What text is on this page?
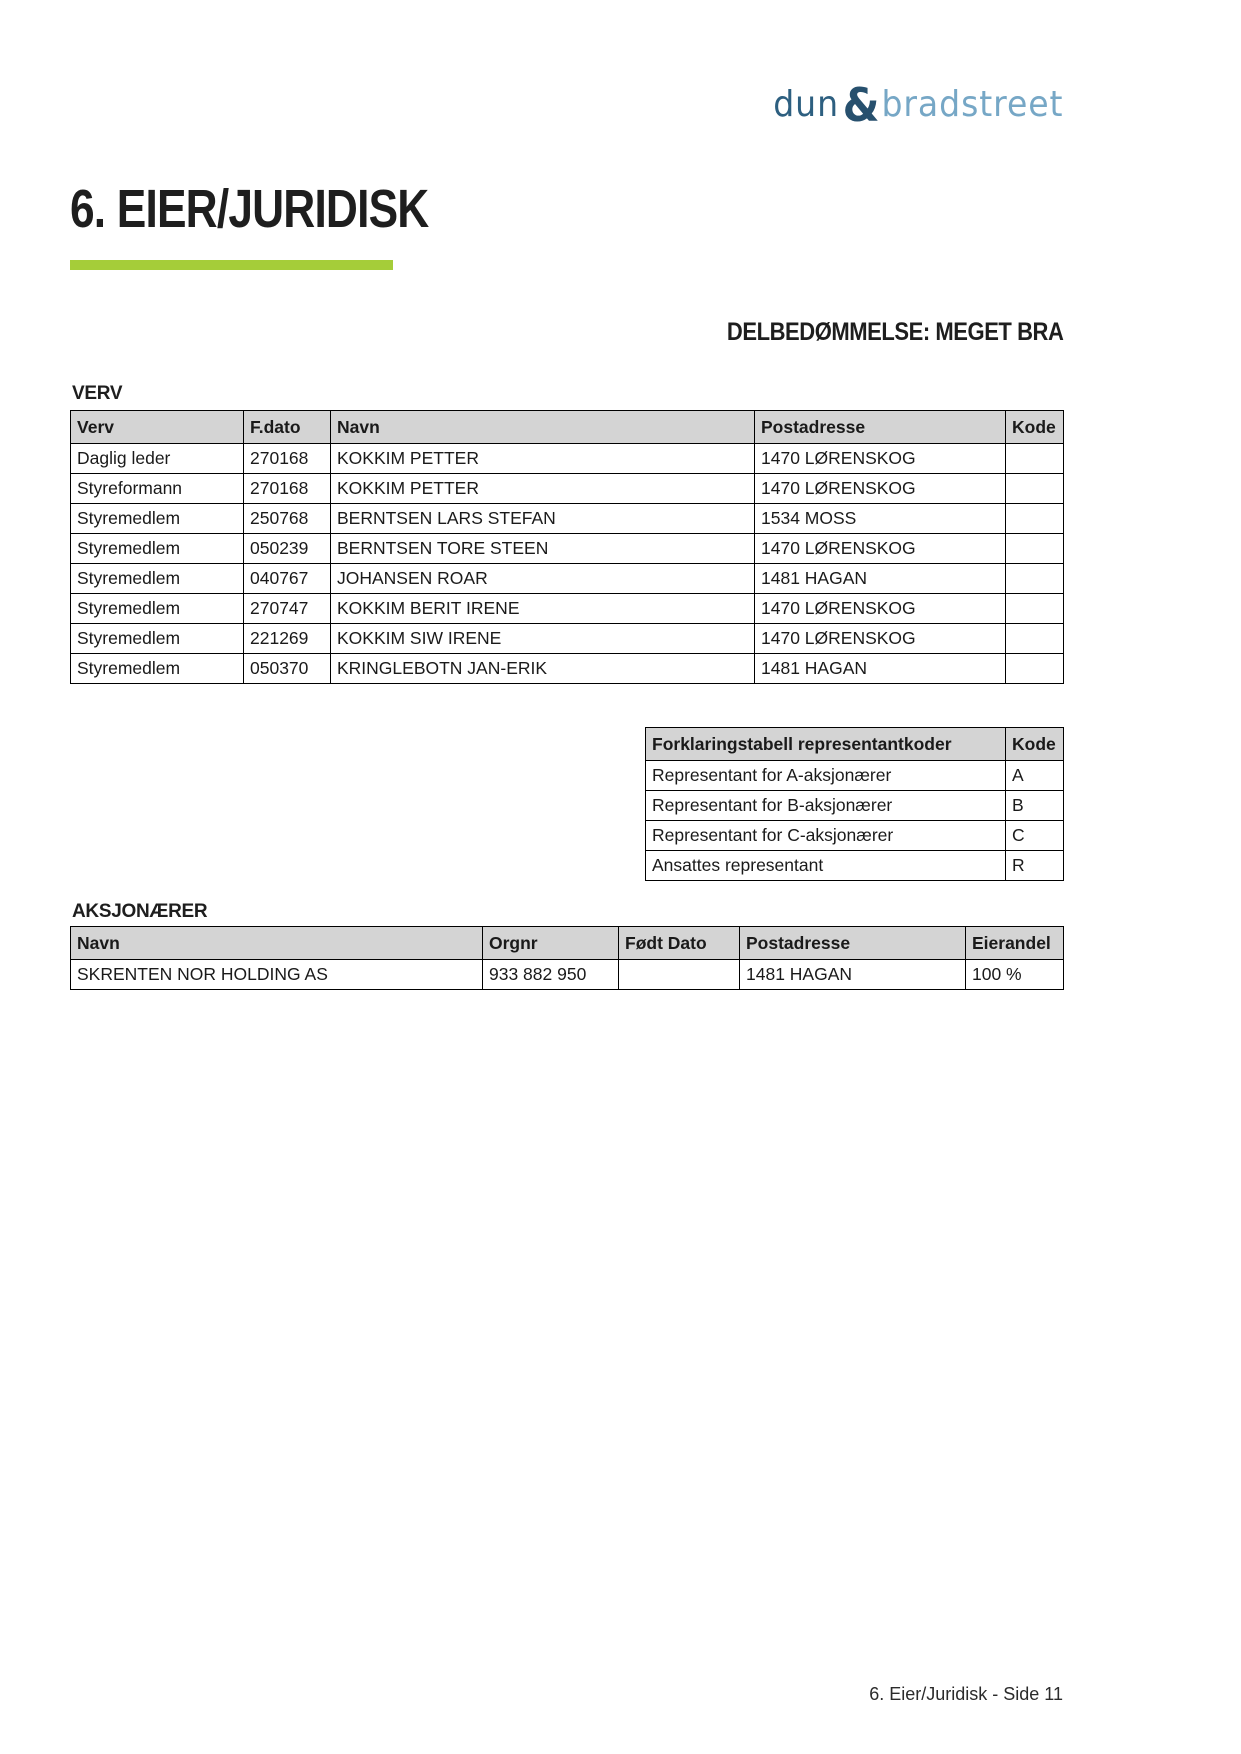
dun&bradstreet
6. EIER/JURIDISK
DELBEDØMMELSE: MEGET BRA
VERV
Verv	F.dato	Navn	Postadresse	Kode
Daglig leder	270168	KOKKIM PETTER	1470 LØRENSKOG	
Styreformann	270168	KOKKIM PETTER	1470 LØRENSKOG	
Styremedlem	250768	BERNTSEN LARS STEFAN	1534 MOSS	
Styremedlem	050239	BERNTSEN TORE STEEN	1470 LØRENSKOG	
Styremedlem	040767	JOHANSEN ROAR	1481 HAGAN	
Styremedlem	270747	KOKKIM BERIT IRENE	1470 LØRENSKOG	
Styremedlem	221269	KOKKIM SIW IRENE	1470 LØRENSKOG	
Styremedlem	050370	KRINGLEBOTN JAN-ERIK	1481 HAGAN	
Forklaringstabell representantkoder	Kode
Representant for A-aksjonærer	A
Representant for B-aksjonærer	B
Representant for C-aksjonærer	C
Ansattes representant	R
AKSJONÆRER
Navn	Orgnr	Født Dato	Postadresse	Eierandel
SKRENTEN NOR HOLDING AS	933 882 950		1481 HAGAN	100 %
6. Eier/Juridisk - Side 11
